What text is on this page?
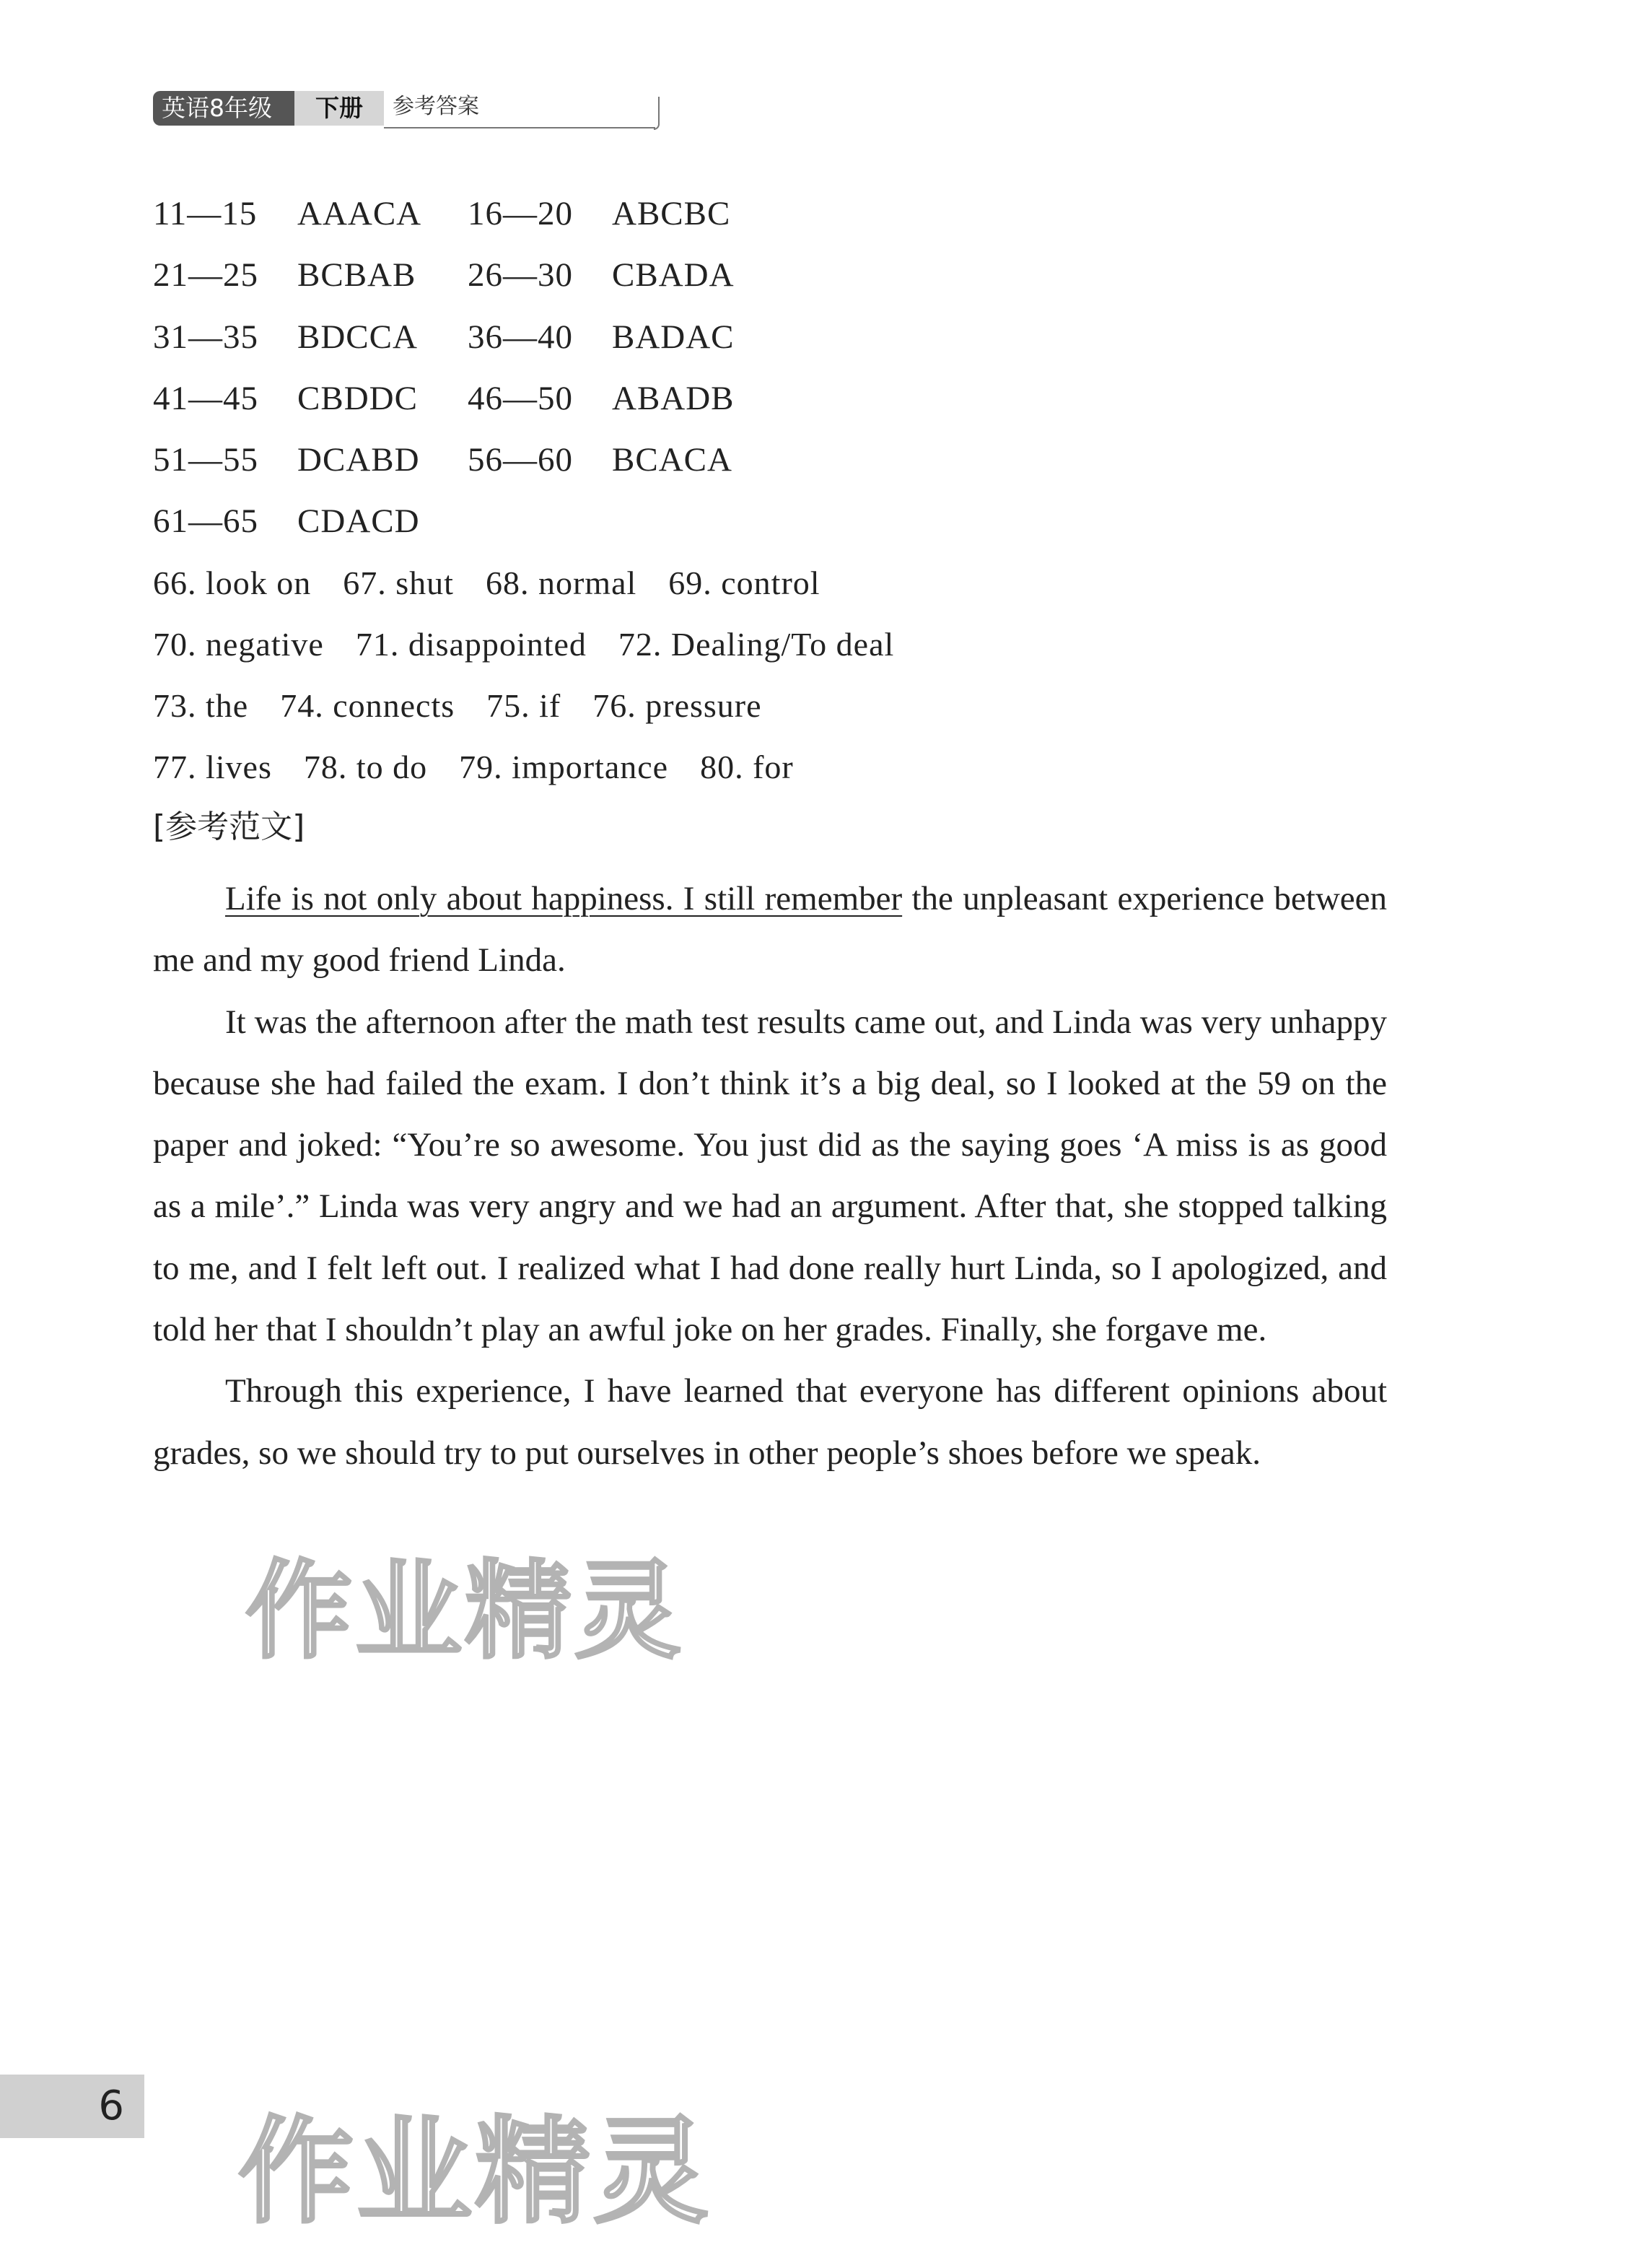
英语8年级	下册	参考答案
11—15 AAACA 16—20 ABCBC
21—25 BCBAB 26—30 CBADA
31—35 BDCCA 36—40 BADAC
41—45 CBDDC 46—50 ABADB
51—55 DCABD 56—60 BCACA
61—65 CDACD
66. look on 67. shut 68. normal 69. control
70. negative 71. disappointed 72. Dealing/To deal
73. the 74. connects 75. if 76. pressure
77. lives 78. to do 79. importance 80. for
[参考范文]

Life is not only about happiness. I still remember the unpleasant experience between me and my good friend Linda.

It was the afternoon after the math test results came out, and Linda was very unhappy because she had failed the exam. I don’t think it’s a big deal, so I looked at the 59 on the paper and joked: “You’re so awesome. You just did as the saying goes ‘A miss is as good as a mile’.” Linda was very angry and we had an argument. After that, she stopped talking to me, and I felt left out. I realized what I had done really hurt Linda, so I apologized, and told her that I shouldn’t play an awful joke on her grades. Finally, she forgave me.

Through this experience, I have learned that everyone has different opinions about grades, so we should try to put ourselves in other people’s shoes before we speak.

作业精灵
作业精灵
6
